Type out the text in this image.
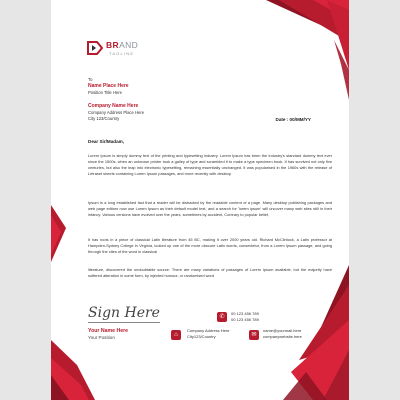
BRAND
TAGLINE
To
Name Place Here
Position Title Here
Company Name Here
Company Address Place Here
City 123/Country	Date : 00/MM/YY
Dear Sir/Madam,
Lorem Ipsum is simply dummy text of the printing and typesetting industry. Lorem Ipsum has been the industry's standard dummy text ever since the 1500s, when an unknown printer took a galley of type and scrambled it to make a type specimen book. It has survived not only five centuries, but also the leap into electronic typesetting, remaining essentially unchanged. It was popularised in the 1960s with the release of Letraset sheets containing Lorem Ipsum passages, and more recently with desktop
Ipsum is a long established fact that a reader will be distracted by the readable content of a page. Many desktop publishing packages and web page editors now use Lorem Ipsum as their default model text, and a search for 'lorem ipsum' will uncover many web sites still in their infancy. Various versions have evolved over the years, sometimes by accident, Contrary to popular belief,
It has roots in a piece of classical Latin literature from 45 BC, making it over 2000 years old. Richard McClintock, a Latin professor at Hampden-Sydney College in Virginia, looked up one of the more obscure Latin words, consectetur, from a Lorem Ipsum passage, and going through the cites of the word in classical
literature, discovered the undoubtable source. There are many variations of passages of Lorem Ipsum available, but the majority have suffered alteration in some form, by injected humour, or randomised word
Sign Here
Your Name Here
Your Position
✆
00 123 456 789
00 123 456 789
⌂
Company Address Here
City123/Country	✉
name@yourmail.here
companywebsite.here
